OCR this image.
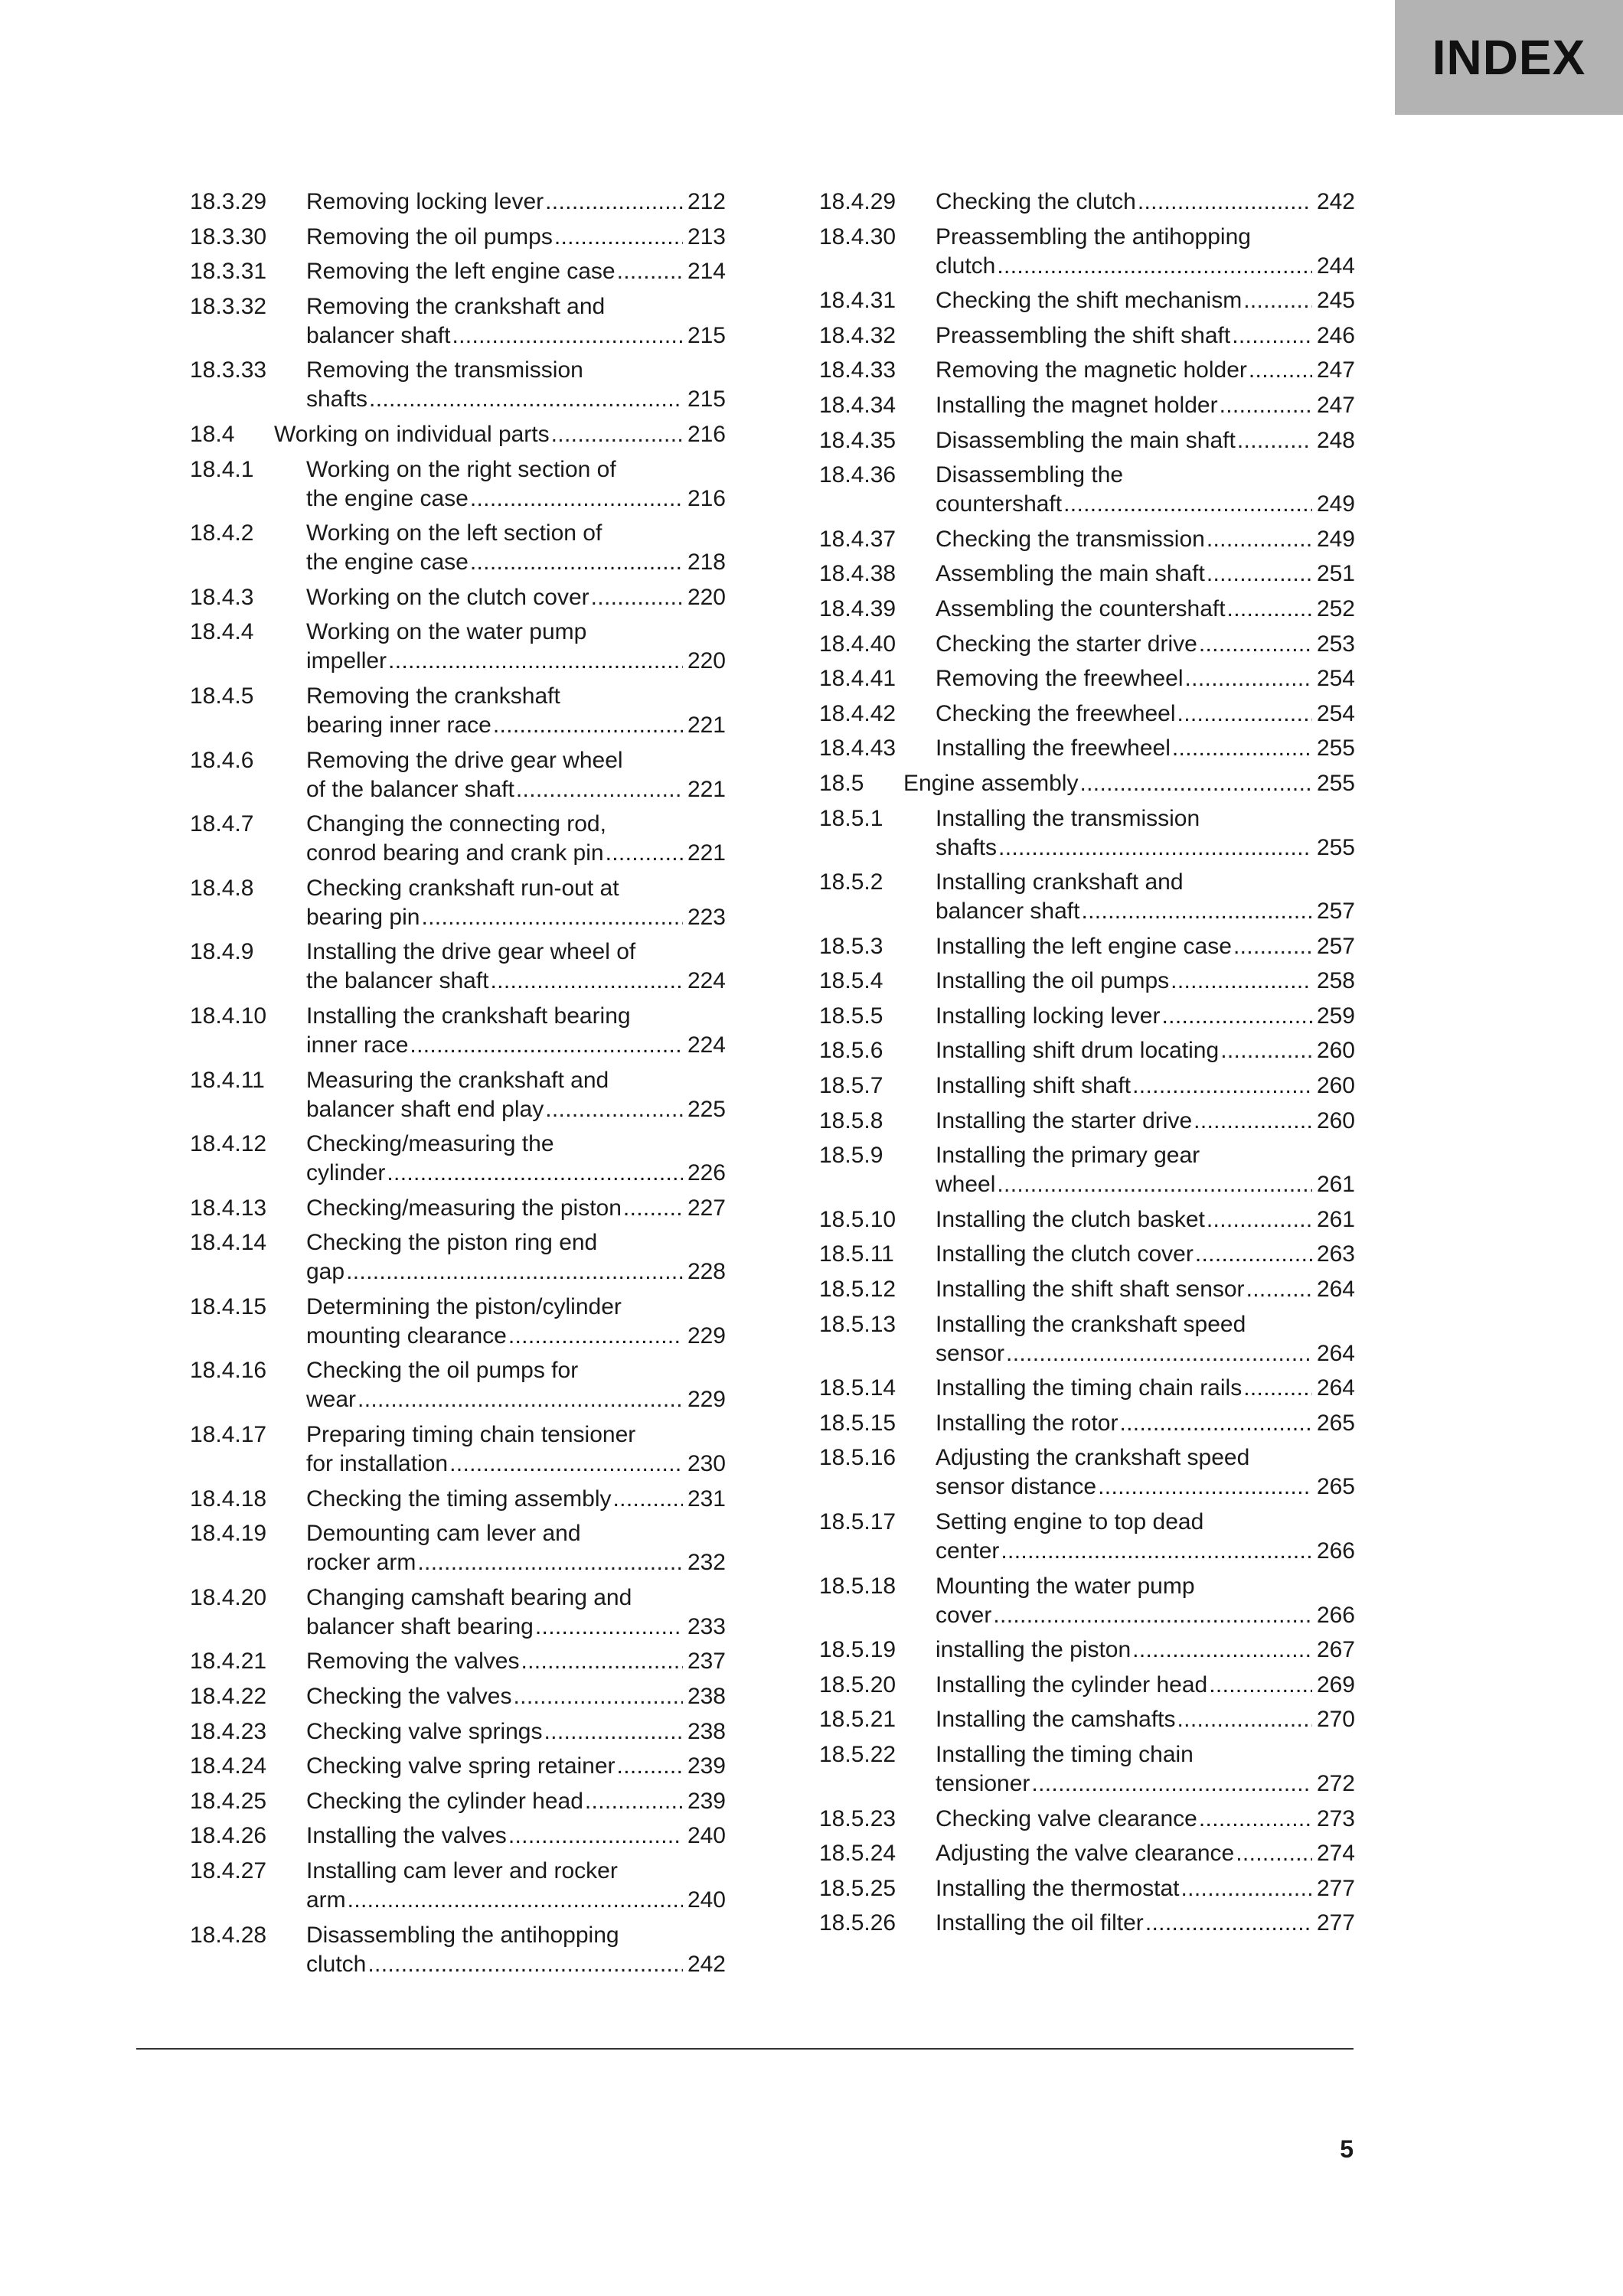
INDEX
18.3.29 Removing locking lever . . .	212
18.3.30 Removing the oil pumps . . .	213
18.3.31 Removing the left engine case . . .	214
18.3.32 Removing the crankshaft and
balancer shaft . . .	215
18.3.33 Removing the transmission
shafts . . .	215
18.4 Working on individual parts . . .	216
18.4.1 Working on the right section of
the engine case . . .	216
18.4.2 Working on the left section of
the engine case . . .	218
18.4.3 Working on the clutch cover . . .	220
18.4.4 Working on the water pump
impeller . . .	220
18.4.5 Removing the crankshaft
bearing inner race . . .	221
18.4.6 Removing the drive gear wheel
of the balancer shaft . . .	221
18.4.7 Changing the connecting rod,
conrod bearing and crank pin . . .	221
18.4.8 Checking crankshaft run-out at
bearing pin . . .	223
18.4.9 Installing the drive gear wheel of
the balancer shaft . . .	224
18.4.10 Installing the crankshaft bearing
inner race . . .	224
18.4.11 Measuring the crankshaft and
balancer shaft end play . . .	225
18.4.12 Checking/measuring the
cylinder . . .	226
18.4.13 Checking/measuring the piston . . .	227
18.4.14 Checking the piston ring end
gap . . .	228
18.4.15 Determining the piston/cylinder
mounting clearance . . .	229
18.4.16 Checking the oil pumps for
wear . . .	229
18.4.17 Preparing timing chain tensioner
for installation . . .	230
18.4.18 Checking the timing assembly . . .	231
18.4.19 Demounting cam lever and
rocker arm . . .	232
18.4.20 Changing camshaft bearing and
balancer shaft bearing . . .	233
18.4.21 Removing the valves . . .	237
18.4.22 Checking the valves . . .	238
18.4.23 Checking valve springs . . .	238
18.4.24 Checking valve spring retainer . . .	239
18.4.25 Checking the cylinder head . . .	239
18.4.26 Installing the valves . . .	240
18.4.27 Installing cam lever and rocker
arm . . .	240
18.4.28 Disassembling the antihopping
clutch . . .	242
18.4.29 Checking the clutch . . .	242
18.4.30 Preassembling the antihopping
clutch . . .	244
18.4.31 Checking the shift mechanism . . .	245
18.4.32 Preassembling the shift shaft . . .	246
18.4.33 Removing the magnetic holder . . .	247
18.4.34 Installing the magnet holder . . .	247
18.4.35 Disassembling the main shaft . . .	248
18.4.36 Disassembling the
countershaft . . .	249
18.4.37 Checking the transmission . . .	249
18.4.38 Assembling the main shaft . . .	251
18.4.39 Assembling the countershaft . . .	252
18.4.40 Checking the starter drive . . .	253
18.4.41 Removing the freewheel . . .	254
18.4.42 Checking the freewheel . . .	254
18.4.43 Installing the freewheel . . .	255
18.5 Engine assembly . . .	255
18.5.1 Installing the transmission
shafts . . .	255
18.5.2 Installing crankshaft and
balancer shaft . . .	257
18.5.3 Installing the left engine case . . .	257
18.5.4 Installing the oil pumps . . .	258
18.5.5 Installing locking lever . . .	259
18.5.6 Installing shift drum locating . . .	260
18.5.7 Installing shift shaft . . .	260
18.5.8 Installing the starter drive . . .	260
18.5.9 Installing the primary gear
wheel . . .	261
18.5.10 Installing the clutch basket . . .	261
18.5.11 Installing the clutch cover . . .	263
18.5.12 Installing the shift shaft sensor . . .	264
18.5.13 Installing the crankshaft speed
sensor . . .	264
18.5.14 Installing the timing chain rails . . .	264
18.5.15 Installing the rotor . . .	265
18.5.16 Adjusting the crankshaft speed
sensor distance . . .	265
18.5.17 Setting engine to top dead
center . . .	266
18.5.18 Mounting the water pump
cover . . .	266
18.5.19 installing the piston . . .	267
18.5.20 Installing the cylinder head . . .	269
18.5.21 Installing the camshafts . . .	270
18.5.22 Installing the timing chain
tensioner . . .	272
18.5.23 Checking valve clearance . . .	273
18.5.24 Adjusting the valve clearance . . .	274
18.5.25 Installing the thermostat . . .	277
18.5.26 Installing the oil filter . . .	277
5
